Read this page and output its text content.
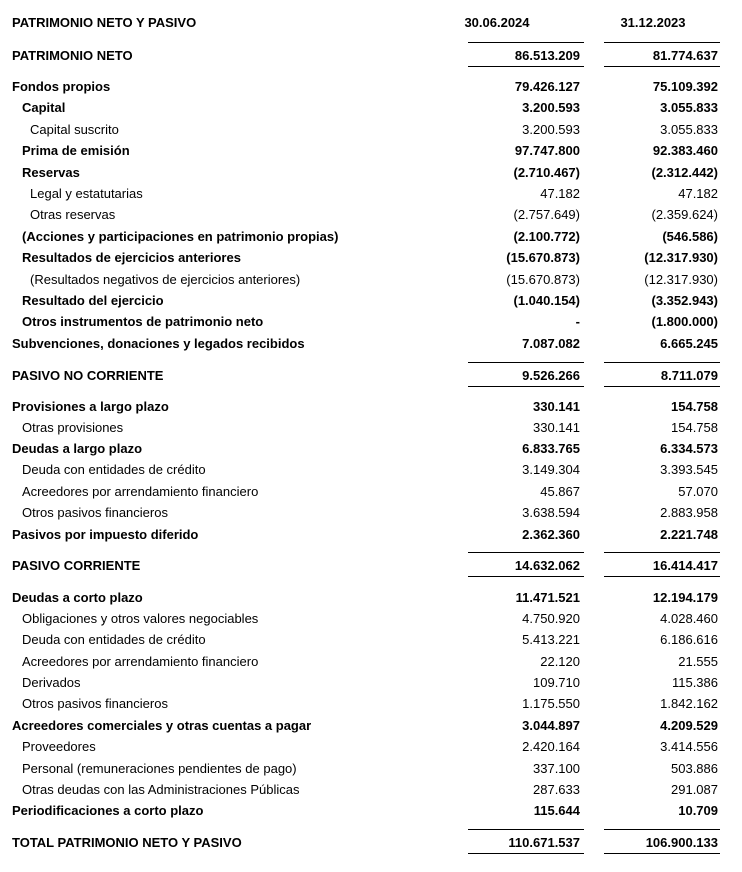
PATRIMONIO NETO Y PASIVO	30.06.2024	31.12.2023
PATRIMONIO NETO	86.513.209	81.774.637
Fondos propios	79.426.127	75.109.392
Capital	3.200.593	3.055.833
Capital suscrito	3.200.593	3.055.833
Prima de emisión	97.747.800	92.383.460
Reservas	(2.710.467)	(2.312.442)
Legal y estatutarias	47.182	47.182
Otras reservas	(2.757.649)	(2.359.624)
(Acciones y participaciones en patrimonio propias)	(2.100.772)	(546.586)
Resultados de ejercicios anteriores	(15.670.873)	(12.317.930)
(Resultados negativos de ejercicios anteriores)	(15.670.873)	(12.317.930)
Resultado del ejercicio	(1.040.154)	(3.352.943)
Otros instrumentos de patrimonio neto	-	(1.800.000)
Subvenciones, donaciones y legados recibidos	7.087.082	6.665.245
PASIVO NO CORRIENTE	9.526.266	8.711.079
Provisiones a largo plazo	330.141	154.758
Otras provisiones	330.141	154.758
Deudas a largo plazo	6.833.765	6.334.573
Deuda con entidades de crédito	3.149.304	3.393.545
Acreedores por arrendamiento financiero	45.867	57.070
Otros pasivos financieros	3.638.594	2.883.958
Pasivos por impuesto diferido	2.362.360	2.221.748
PASIVO CORRIENTE	14.632.062	16.414.417
Deudas a corto plazo	11.471.521	12.194.179
Obligaciones y otros valores negociables	4.750.920	4.028.460
Deuda con entidades de crédito	5.413.221	6.186.616
Acreedores por arrendamiento financiero	22.120	21.555
Derivados	109.710	115.386
Otros pasivos financieros	1.175.550	1.842.162
Acreedores comerciales y otras cuentas a pagar	3.044.897	4.209.529
Proveedores	2.420.164	3.414.556
Personal (remuneraciones pendientes de pago)	337.100	503.886
Otras deudas con las Administraciones Públicas	287.633	291.087
Periodificaciones a corto plazo	115.644	10.709
TOTAL PATRIMONIO NETO Y PASIVO	110.671.537	106.900.133
